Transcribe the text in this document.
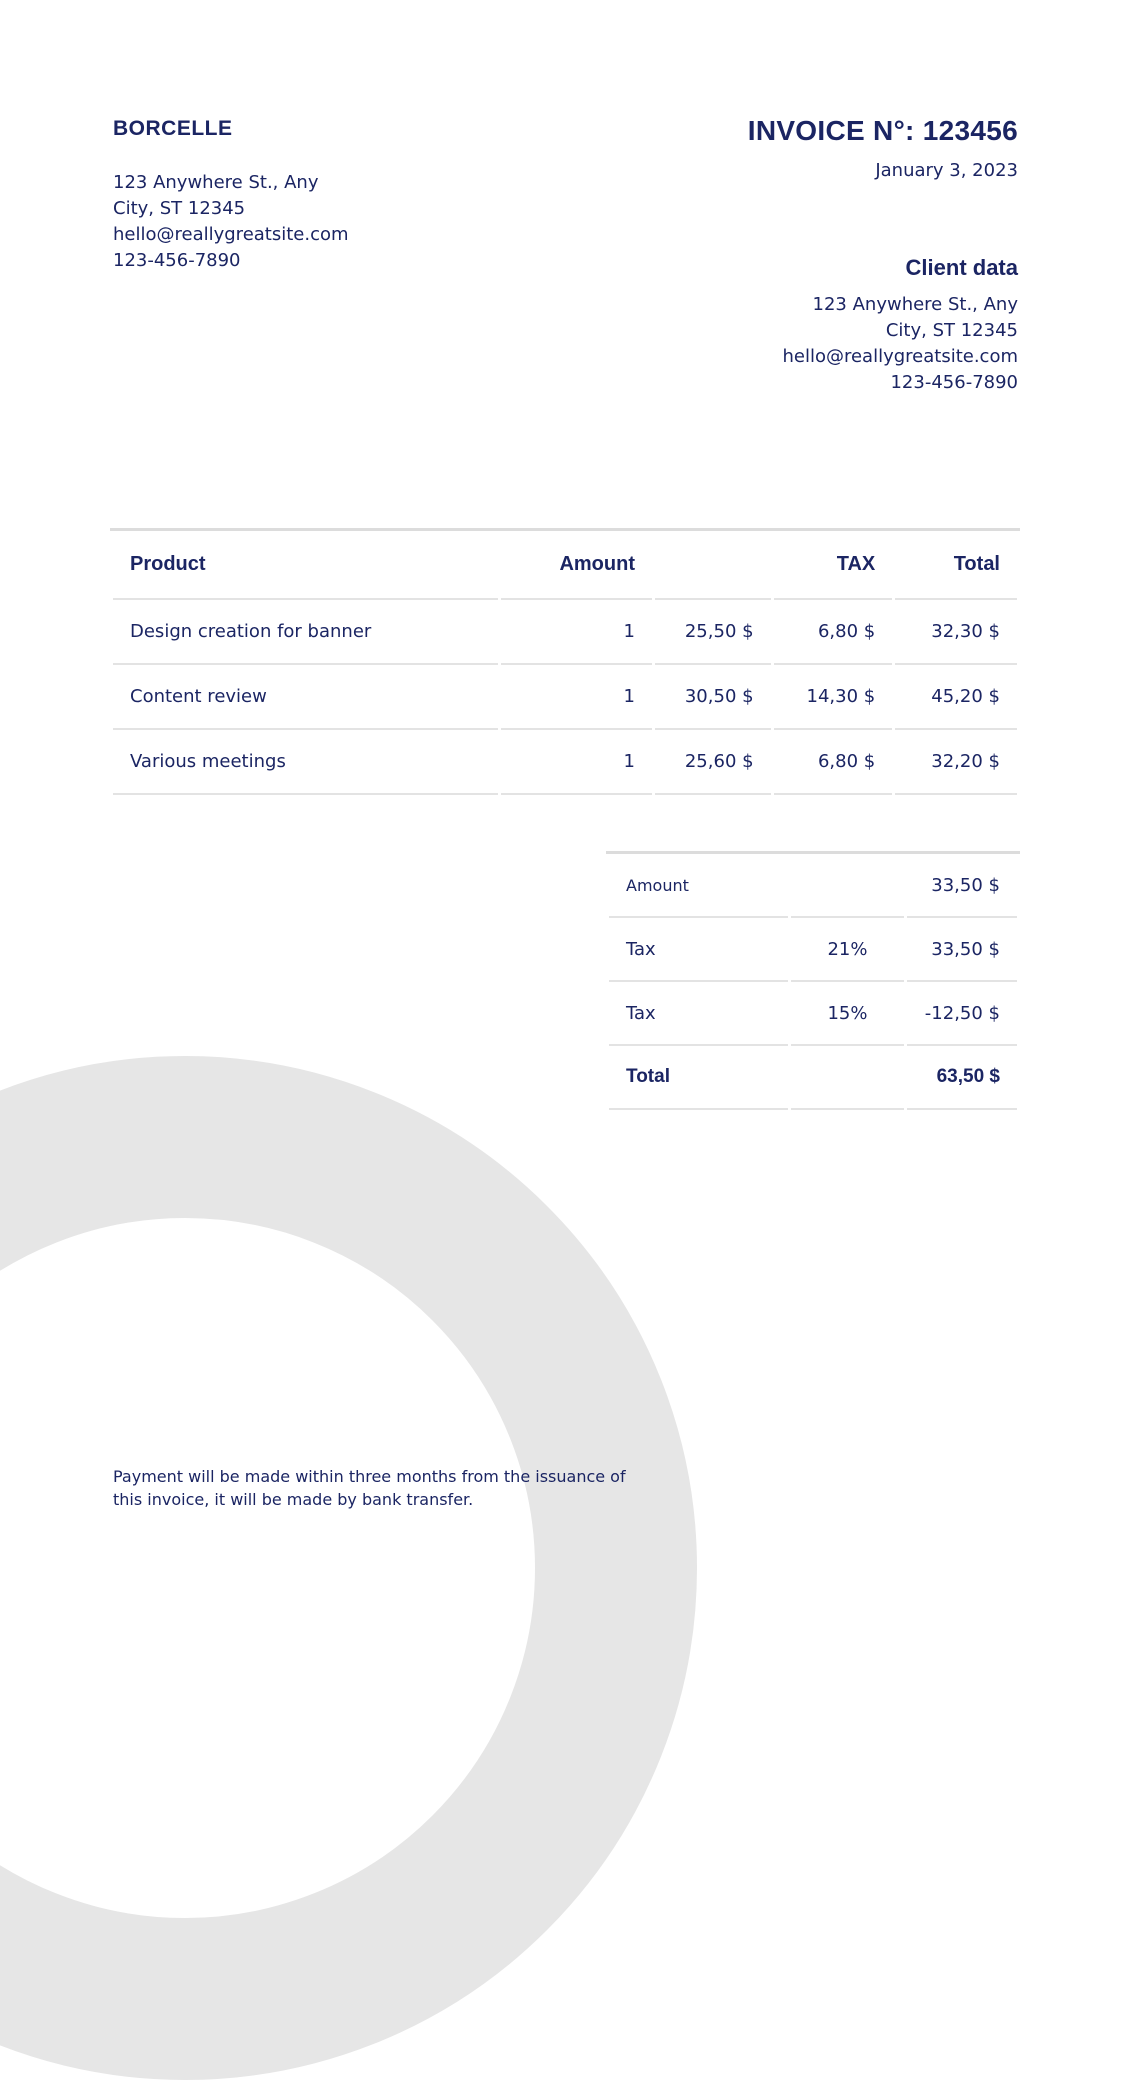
BORCELLE
123 Anywhere St., Any
City, ST 12345
hello@reallygreatsite.com
123-456-7890
INVOICE N°: 123456
January 3, 2023
Client data
123 Anywhere St., Any
City, ST 12345
hello@reallygreatsite.com
123-456-7890
Product	Amount		TAX	Total
Design creation for banner	1	25,50 $	6,80 $	32,30 $
Content review	1	30,50 $	14,30 $	45,20 $
Various meetings	1	25,60 $	6,80 $	32,20 $
Amount		33,50 $
Tax	21%	33,50 $
Tax	15%	-12,50 $
Total		63,50 $
Payment will be made within three months from the issuance of this invoice, it will be made by bank transfer.
